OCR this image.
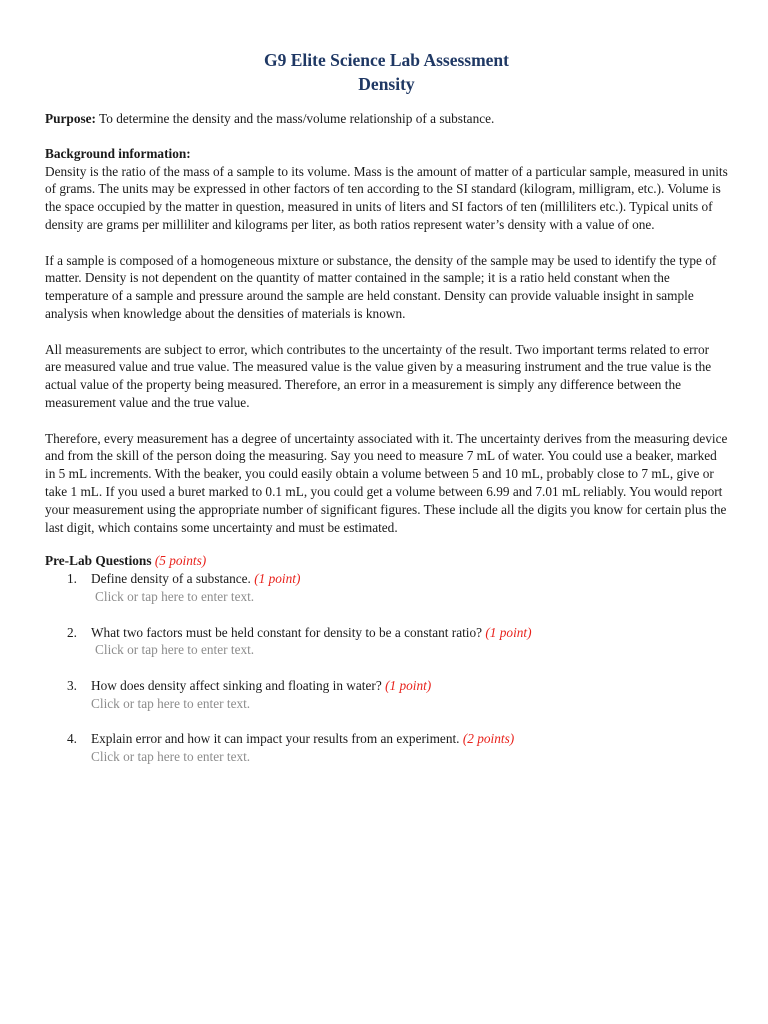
G9 Elite Science Lab Assessment
Density

Purpose: To determine the density and the mass/volume relationship of a substance.

Background information:

Density is the ratio of the mass of a sample to its volume. Mass is the amount of matter of a particular sample, measured in units of grams. The units may be expressed in other factors of ten according to the SI standard (kilogram, milligram, etc.). Volume is the space occupied by the matter in question, measured in units of liters and SI factors of ten (milliliters etc.). Typical units of density are grams per milliliter and kilograms per liter, as both ratios represent water’s density with a value of one.

If a sample is composed of a homogeneous mixture or substance, the density of the sample may be used to identify the type of matter. Density is not dependent on the quantity of matter contained in the sample; it is a ratio held constant when the temperature of a sample and pressure around the sample are held constant. Density can provide valuable insight in sample analysis when knowledge about the densities of materials is known.

All measurements are subject to error, which contributes to the uncertainty of the result. Two important terms related to error are measured value and true value. The measured value is the value given by a measuring instrument and the true value is the actual value of the property being measured. Therefore, an error in a measurement is simply any difference between the measurement value and the true value.

Therefore, every measurement has a degree of uncertainty associated with it. The uncertainty derives from the measuring device and from the skill of the person doing the measuring. Say you need to measure 7 mL of water. You could use a beaker, marked in 5 mL increments. With the beaker, you could easily obtain a volume between 5 and 10 mL, probably close to 7 mL, give or take 1 mL. If you used a buret marked to 0.1 mL, you could get a volume between 6.99 and 7.01 mL reliably. You would report your measurement using the appropriate number of significant figures. These include all the digits you know for certain plus the last digit, which contains some uncertainty and must be estimated.

Pre-Lab Questions (5 points)

1. Define density of a substance. (1 point)
Click or tap here to enter text.
2. What two factors must be held constant for density to be a constant ratio? (1 point)
Click or tap here to enter text.
3. How does density affect sinking and floating in water? (1 point)
Click or tap here to enter text.
4. Explain error and how it can impact your results from an experiment. (2 points)
Click or tap here to enter text.
